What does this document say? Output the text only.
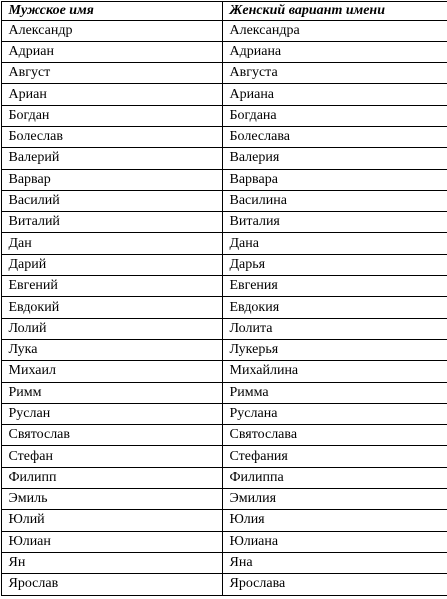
Мужское имя	Женский вариант имени
Александр	Александра
Адриан	Адриана
Август	Августа
Ариан	Ариана
Богдан	Богдана
Болеслав	Болеслава
Валерий	Валерия
Варвар	Варвара
Василий	Василина
Виталий	Виталия
Дан	Дана
Дарий	Дарья
Евгений	Евгения
Евдокий	Евдокия
Лолий	Лолита
Лука	Лукерья
Михаил	Михайлина
Римм	Римма
Руслан	Руслана
Святослав	Святослава
Стефан	Стефания
Филипп	Филиппа
Эмиль	Эмилия
Юлий	Юлия
Юлиан	Юлиана
Ян	Яна
Ярослав	Ярослава
